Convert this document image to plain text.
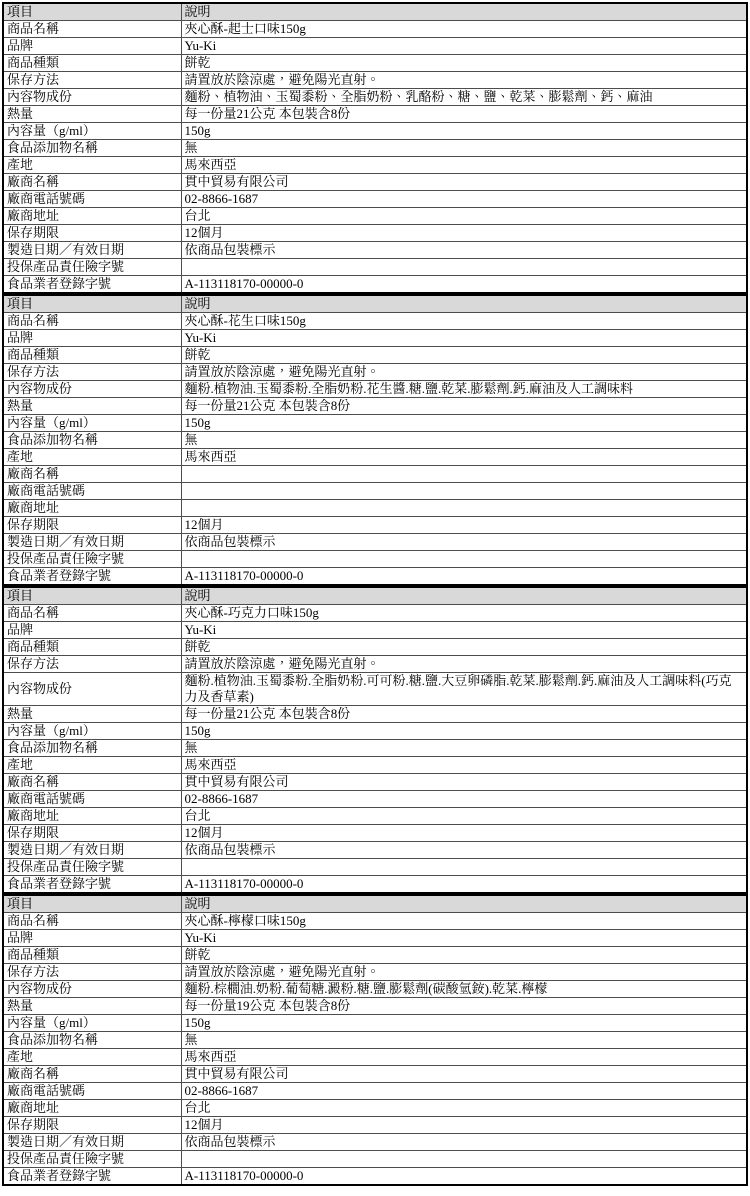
項目	說明
商品名稱	夾心酥-起士口味150g
品牌	Yu-Ki
商品種類	餅乾
保存方法	請置放於陰涼處，避免陽光直射。
內容物成份	麵粉、植物油、玉蜀黍粉、全脂奶粉、乳酪粉、糖、鹽、乾菜、膨鬆劑、鈣、麻油
熱量	每一份量21公克 本包裝含8份
內容量（g/ml）	150g
食品添加物名稱	無
產地	馬來西亞
廠商名稱	貫中貿易有限公司
廠商電話號碼	02-8866-1687
廠商地址	台北
保存期限	12個月
製造日期／有效日期	依商品包裝標示
投保產品責任險字號	
食品業者登錄字號	A-113118170-00000-0
項目	說明
商品名稱	夾心酥-花生口味150g
品牌	Yu-Ki
商品種類	餅乾
保存方法	請置放於陰涼處，避免陽光直射。
內容物成份	麵粉.植物油.玉蜀黍粉.全脂奶粉.花生醬.糖.鹽.乾菜.膨鬆劑.鈣.麻油及人工調味料
熱量	每一份量21公克 本包裝含8份
內容量（g/ml）	150g
食品添加物名稱	無
產地	馬來西亞
廠商名稱	
廠商電話號碼	
廠商地址	
保存期限	12個月
製造日期／有效日期	依商品包裝標示
投保產品責任險字號	
食品業者登錄字號	A-113118170-00000-0
項目	說明
商品名稱	夾心酥-巧克力口味150g
品牌	Yu-Ki
商品種類	餅乾
保存方法	請置放於陰涼處，避免陽光直射。
內容物成份	麵粉.植物油.玉蜀黍粉.全脂奶粉.可可粉.糖.鹽.大豆卵磷脂.乾菜.膨鬆劑.鈣.麻油及人工調味料(巧克力及香草素)
熱量	每一份量21公克 本包裝含8份
內容量（g/ml）	150g
食品添加物名稱	無
產地	馬來西亞
廠商名稱	貫中貿易有限公司
廠商電話號碼	02-8866-1687
廠商地址	台北
保存期限	12個月
製造日期／有效日期	依商品包裝標示
投保產品責任險字號	
食品業者登錄字號	A-113118170-00000-0
項目	說明
商品名稱	夾心酥-檸檬口味150g
品牌	Yu-Ki
商品種類	餅乾
保存方法	請置放於陰涼處，避免陽光直射。
內容物成份	麵粉.棕櫚油.奶粉.葡萄糖.澱粉.糖.鹽.膨鬆劑(碳酸氫銨).乾菜.檸檬
熱量	每一份量19公克 本包裝含8份
內容量（g/ml）	150g
食品添加物名稱	無
產地	馬來西亞
廠商名稱	貫中貿易有限公司
廠商電話號碼	02-8866-1687
廠商地址	台北
保存期限	12個月
製造日期／有效日期	依商品包裝標示
投保產品責任險字號	
食品業者登錄字號	A-113118170-00000-0
